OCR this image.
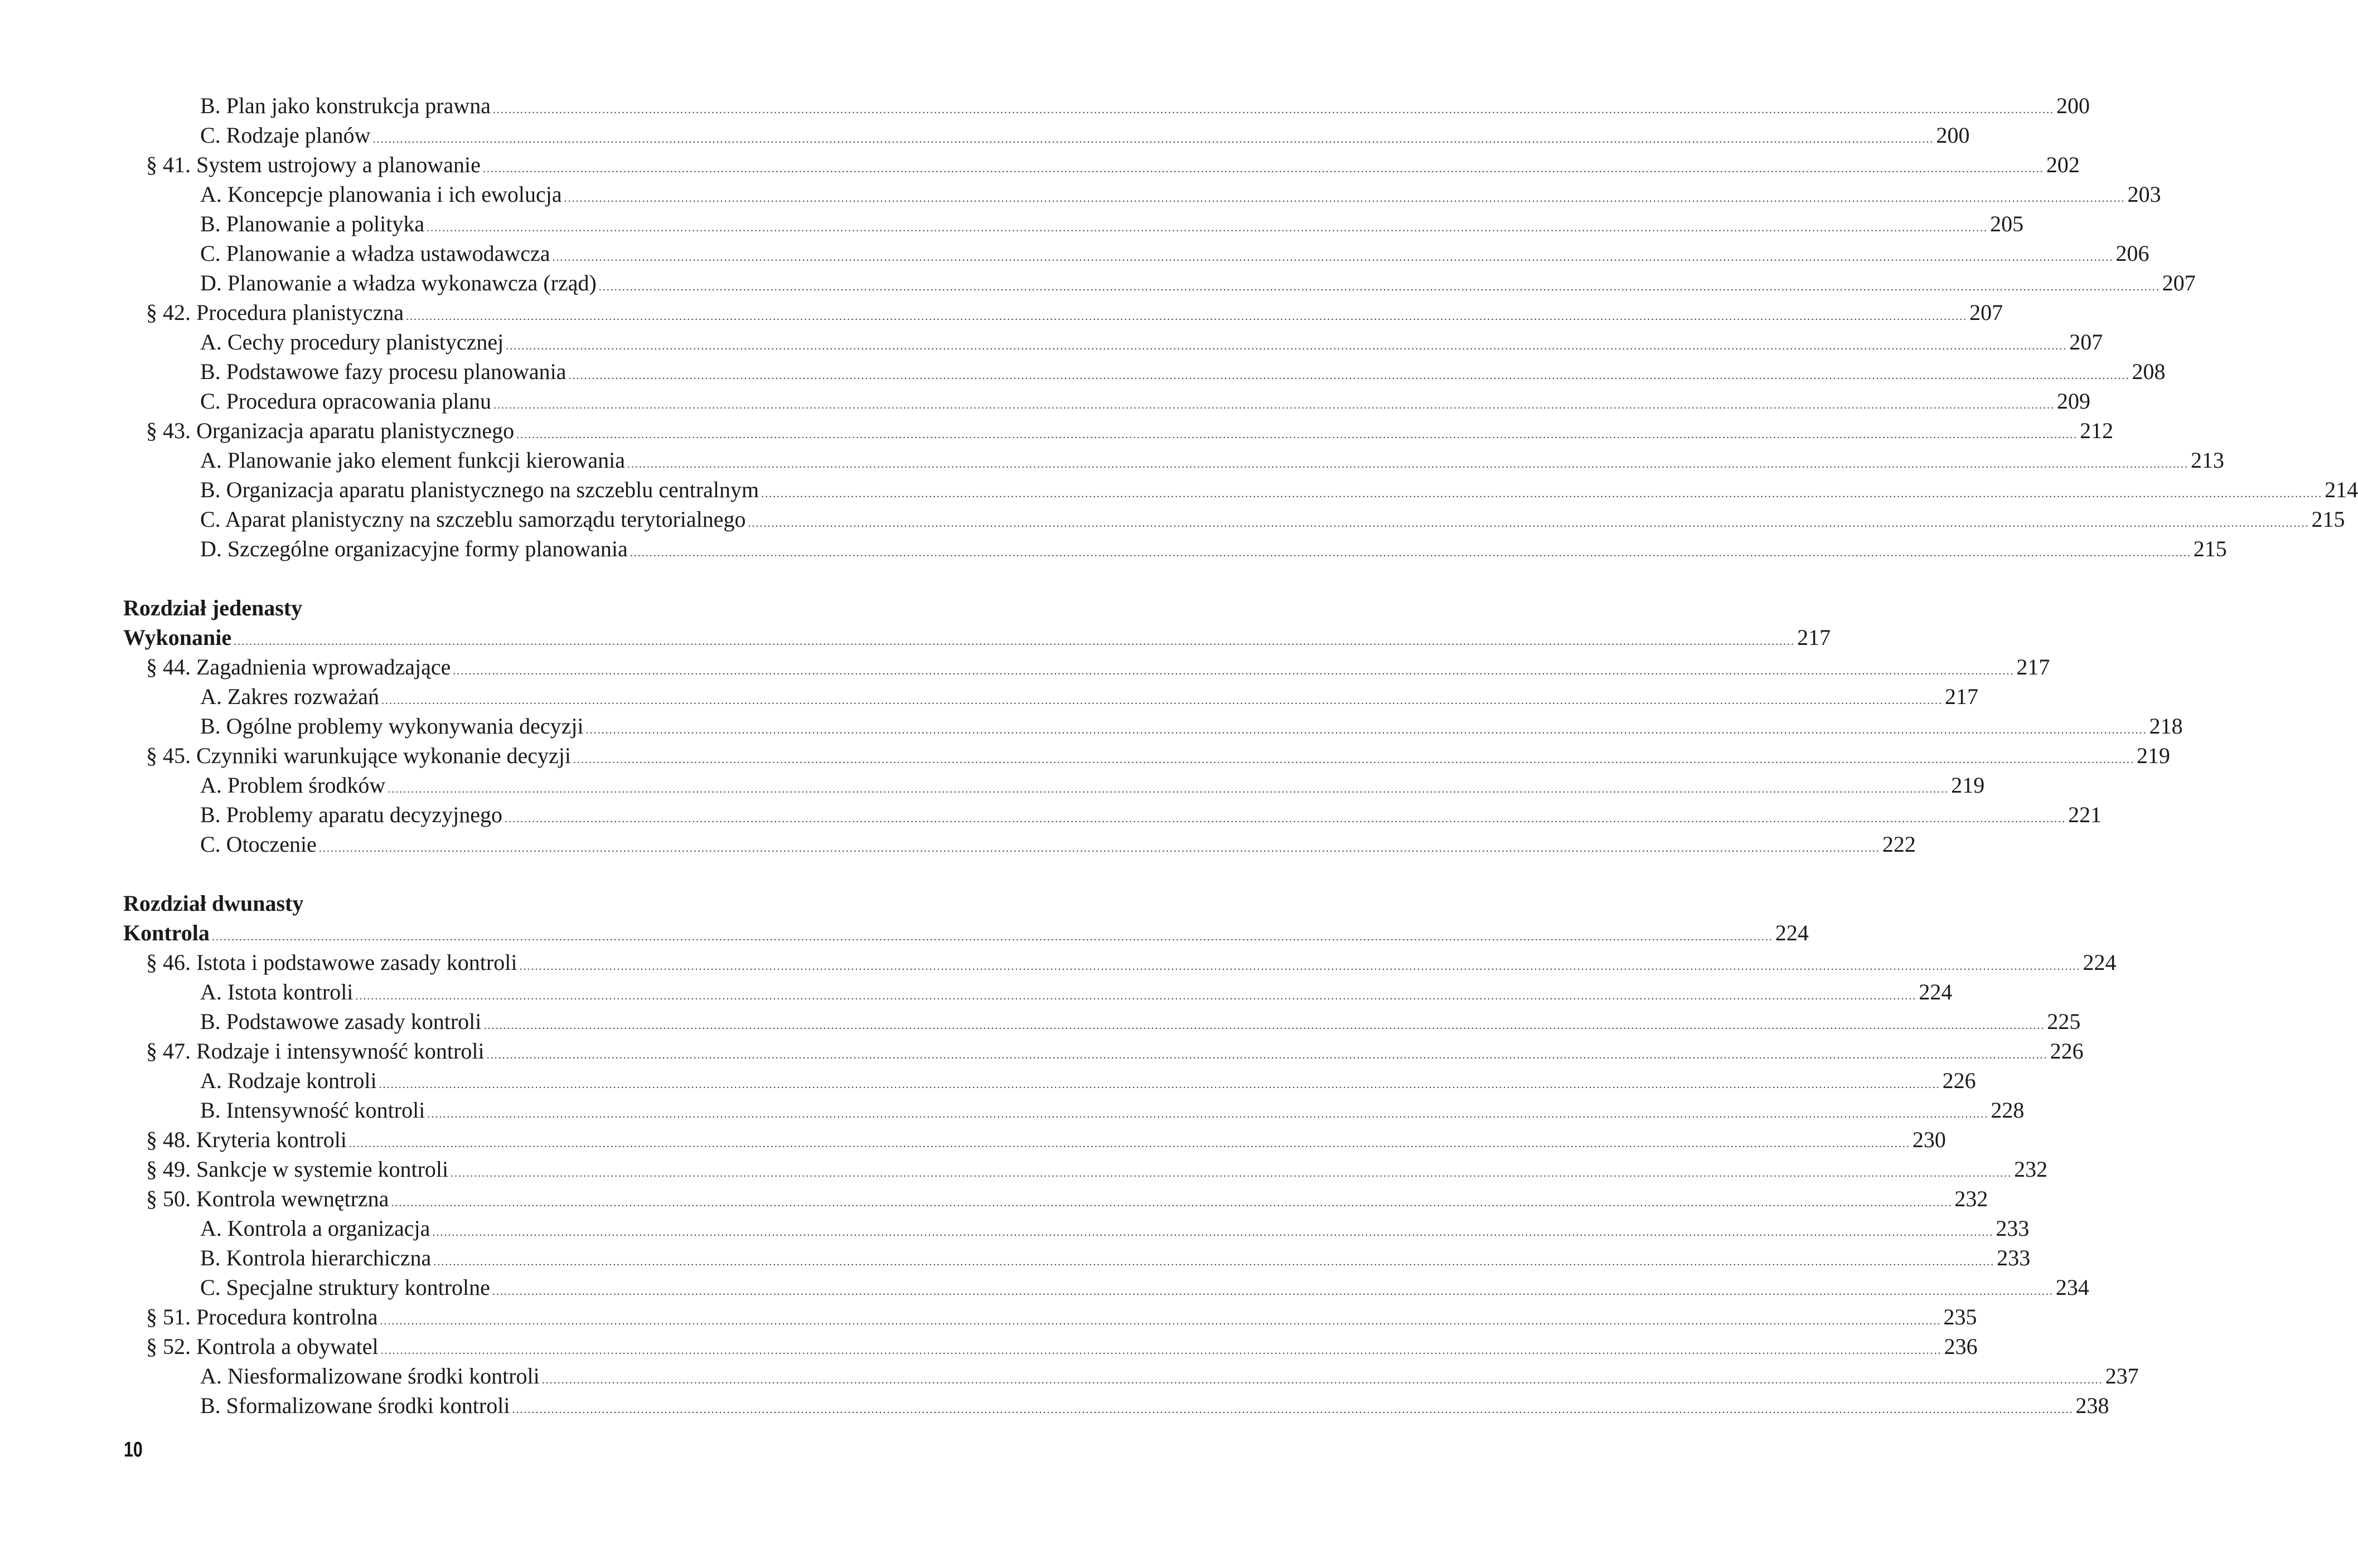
B. Plan jako konstrukcja prawna ................................................................................................................................................................................................................................................................................................................................................................................................................ 200
C. Rodzaje planów ................................................................................................................................................................................................................................................................................................................................................................................................................ 200
§ 41. System ustrojowy a planowanie ................................................................................................................................................................................................................................................................................................................................................................................................................ 202
A. Koncepcje planowania i ich ewolucja ................................................................................................................................................................................................................................................................................................................................................................................................................ 203
B. Planowanie a polityka ................................................................................................................................................................................................................................................................................................................................................................................................................ 205
C. Planowanie a władza ustawodawcza ................................................................................................................................................................................................................................................................................................................................................................................................................ 206
D. Planowanie a władza wykonawcza (rząd) ................................................................................................................................................................................................................................................................................................................................................................................................................ 207
§ 42. Procedura planistyczna ................................................................................................................................................................................................................................................................................................................................................................................................................ 207
A. Cechy procedury planistycznej ................................................................................................................................................................................................................................................................................................................................................................................................................ 207
B. Podstawowe fazy procesu planowania ................................................................................................................................................................................................................................................................................................................................................................................................................ 208
C. Procedura opracowania planu ................................................................................................................................................................................................................................................................................................................................................................................................................ 209
§ 43. Organizacja aparatu planistycznego ................................................................................................................................................................................................................................................................................................................................................................................................................ 212
A. Planowanie jako element funkcji kierowania ................................................................................................................................................................................................................................................................................................................................................................................................................ 213
B. Organizacja aparatu planistycznego na szczeblu centralnym ................................................................................................................................................................................................................................................................................................................................................................................................................ 214
C. Aparat planistyczny na szczeblu samorządu terytorialnego ................................................................................................................................................................................................................................................................................................................................................................................................................ 215
D. Szczególne organizacyjne formy planowania ................................................................................................................................................................................................................................................................................................................................................................................................................ 215
Rozdział jedenasty
Wykonanie ................................................................................................................................................................................................................................................................................................................................................................................................................ 217
§ 44. Zagadnienia wprowadzające ................................................................................................................................................................................................................................................................................................................................................................................................................ 217
A. Zakres rozważań ................................................................................................................................................................................................................................................................................................................................................................................................................ 217
B. Ogólne problemy wykonywania decyzji ................................................................................................................................................................................................................................................................................................................................................................................................................ 218
§ 45. Czynniki warunkujące wykonanie decyzji ................................................................................................................................................................................................................................................................................................................................................................................................................ 219
A. Problem środków ................................................................................................................................................................................................................................................................................................................................................................................................................ 219
B. Problemy aparatu decyzyjnego ................................................................................................................................................................................................................................................................................................................................................................................................................ 221
C. Otoczenie ................................................................................................................................................................................................................................................................................................................................................................................................................ 222
Rozdział dwunasty
Kontrola ................................................................................................................................................................................................................................................................................................................................................................................................................ 224
§ 46. Istota i podstawowe zasady kontroli ................................................................................................................................................................................................................................................................................................................................................................................................................ 224
A. Istota kontroli ................................................................................................................................................................................................................................................................................................................................................................................................................ 224
B. Podstawowe zasady kontroli ................................................................................................................................................................................................................................................................................................................................................................................................................ 225
§ 47. Rodzaje i intensywność kontroli ................................................................................................................................................................................................................................................................................................................................................................................................................ 226
A. Rodzaje kontroli ................................................................................................................................................................................................................................................................................................................................................................................................................ 226
B. Intensywność kontroli ................................................................................................................................................................................................................................................................................................................................................................................................................ 228
§ 48. Kryteria kontroli ................................................................................................................................................................................................................................................................................................................................................................................................................ 230
§ 49. Sankcje w systemie kontroli ................................................................................................................................................................................................................................................................................................................................................................................................................ 232
§ 50. Kontrola wewnętrzna ................................................................................................................................................................................................................................................................................................................................................................................................................ 232
A. Kontrola a organizacja ................................................................................................................................................................................................................................................................................................................................................................................................................ 233
B. Kontrola hierarchiczna ................................................................................................................................................................................................................................................................................................................................................................................................................ 233
C. Specjalne struktury kontrolne ................................................................................................................................................................................................................................................................................................................................................................................................................ 234
§ 51. Procedura kontrolna ................................................................................................................................................................................................................................................................................................................................................................................................................ 235
§ 52. Kontrola a obywatel ................................................................................................................................................................................................................................................................................................................................................................................................................ 236
A. Niesformalizowane środki kontroli ................................................................................................................................................................................................................................................................................................................................................................................................................ 237
B. Sformalizowane środki kontroli ................................................................................................................................................................................................................................................................................................................................................................................................................ 238
10
